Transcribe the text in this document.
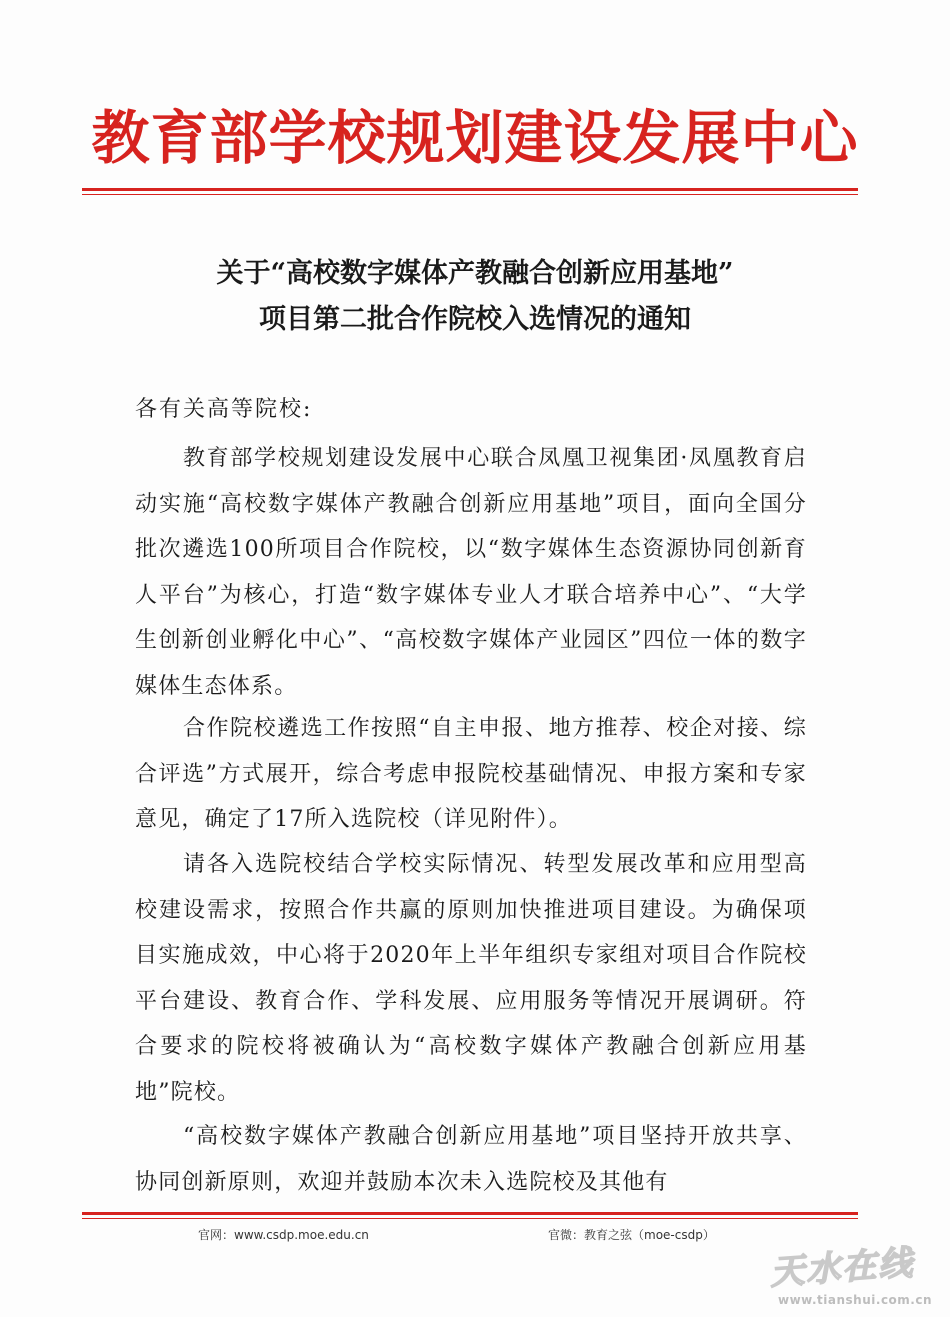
教育部学校规划建设发展中心
关于“高校数字媒体产教融合创新应用基地”
项目第二批合作院校入选情况的通知
各有关高等院校:
教育部学校规划建设发展中心联合凤凰卫视集团·凤凰教育启动实施“高校数字媒体产教融合创新应用基地”项目，面向全国分批次遴选100所项目合作院校，以“数字媒体生态资源协同创新育人平台”为核心，打造“数字媒体专业人才联合培养中心”、“大学生创新创业孵化中心”、“高校数字媒体产业园区”四位一体的数字媒体生态体系。
合作院校遴选工作按照“自主申报、地方推荐、校企对接、综合评选”方式展开，综合考虑申报院校基础情况、申报方案和专家意见，确定了17所入选院校（详见附件）。
请各入选院校结合学校实际情况、转型发展改革和应用型高校建设需求，按照合作共赢的原则加快推进项目建设。为确保项目实施成效，中心将于2020年上半年组织专家组对项目合作院校平台建设、教育合作、学科发展、应用服务等情况开展调研。符合要求的院校将被确认为“高校数字媒体产教融合创新应用基地”院校。
“高校数字媒体产教融合创新应用基地”项目坚持开放共享、协同创新原则，欢迎并鼓励本次未入选院校及其他有
官网：www.csdp.moe.edu.cn	官微：教育之弦（moe-csdp）
天水在线
www.tianshui.com.cn
